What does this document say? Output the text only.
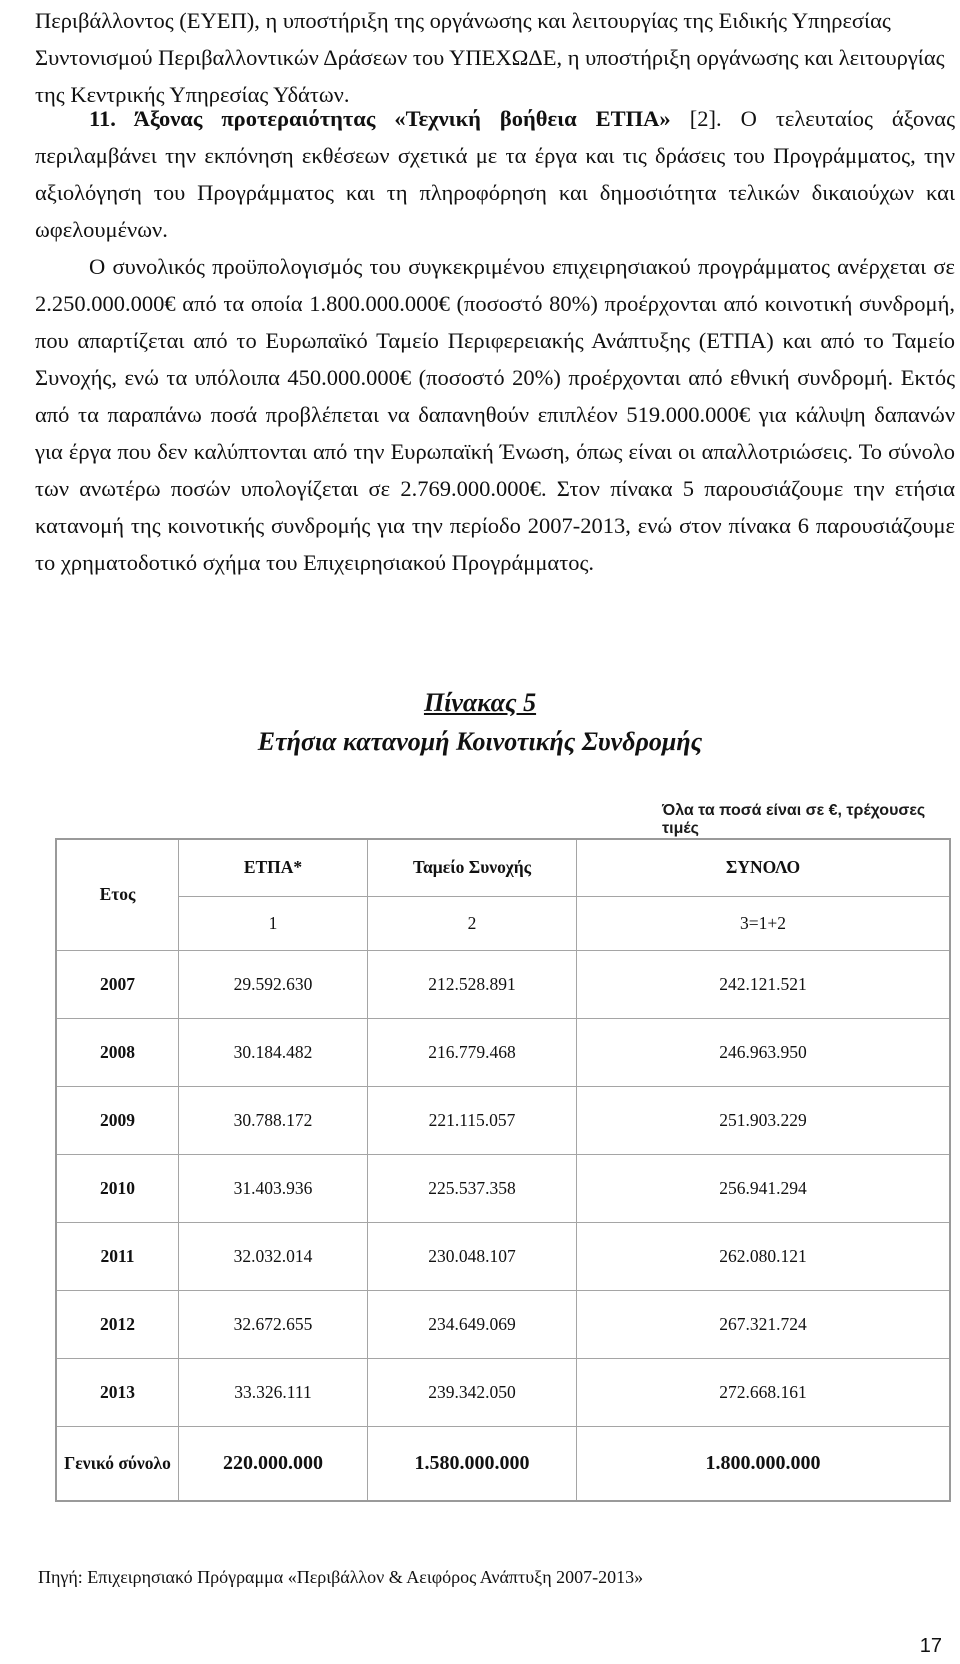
Περιβάλλοντος (ΕΥΕΠ), η υποστήριξη της οργάνωσης και λειτουργίας της Ειδικής Υπηρεσίας Συντονισμού Περιβαλλοντικών Δράσεων του ΥΠΕΧΩΔΕ, η υποστήριξη οργάνωσης και λειτουργίας της Κεντρικής Υπηρεσίας Υδάτων.

11. Άξονας προτεραιότητας «Τεχνική βοήθεια ΕΤΠΑ» [2]. Ο τελευταίος άξονας περιλαμβάνει την εκπόνηση εκθέσεων σχετικά με τα έργα και τις δράσεις του Προγράμματος, την αξιολόγηση του Προγράμματος και τη πληροφόρηση και δημοσιότητα τελικών δικαιούχων και ωφελουμένων.

Ο συνολικός προϋπολογισμός του συγκεκριμένου επιχειρησιακού προγράμματος ανέρχεται σε 2.250.000.000€ από τα οποία 1.800.000.000€ (ποσοστό 80%) προέρχονται από κοινοτική συνδρομή, που απαρτίζεται από το Ευρωπαϊκό Ταμείο Περιφερειακής Ανάπτυξης (ΕΤΠΑ) και από το Ταμείο Συνοχής, ενώ τα υπόλοιπα 450.000.000€ (ποσοστό 20%) προέρχονται από εθνική συνδρομή. Εκτός από τα παραπάνω ποσά προβλέπεται να δαπανηθούν επιπλέον 519.000.000€ για κάλυψη δαπανών για έργα που δεν καλύπτονται από την Ευρωπαϊκή Ένωση, όπως είναι οι απαλλοτριώσεις. Το σύνολο των ανωτέρω ποσών υπολογίζεται σε 2.769.000.000€. Στον πίνακα 5 παρουσιάζουμε την ετήσια κατανομή της κοινοτικής συνδρομής για την περίοδο 2007-2013, ενώ στον πίνακα 6 παρουσιάζουμε το χρηματοδοτικό σχήμα του Επιχειρησιακού Προγράμματος.

Πίνακας 5
Ετήσια κατανομή Κοινοτικής Συνδρομής
Όλα τα ποσά είναι σε €, τρέχουσες τιμές
Ετος	ΕΤΠΑ*	Ταμείο Συνοχής	ΣΥΝΟΛΟ
	1	2	3=1+2
2007	29.592.630	212.528.891	242.121.521
2008	30.184.482	216.779.468	246.963.950
2009	30.788.172	221.115.057	251.903.229
2010	31.403.936	225.537.358	256.941.294
2011	32.032.014	230.048.107	262.080.121
2012	32.672.655	234.649.069	267.321.724
2013	33.326.111	239.342.050	272.668.161
Γενικό σύνολο	220.000.000	1.580.000.000	1.800.000.000
Πηγή: Επιχειρησιακό Πρόγραμμα «Περιβάλλον & Αειφόρος Ανάπτυξη 2007-2013»
17
